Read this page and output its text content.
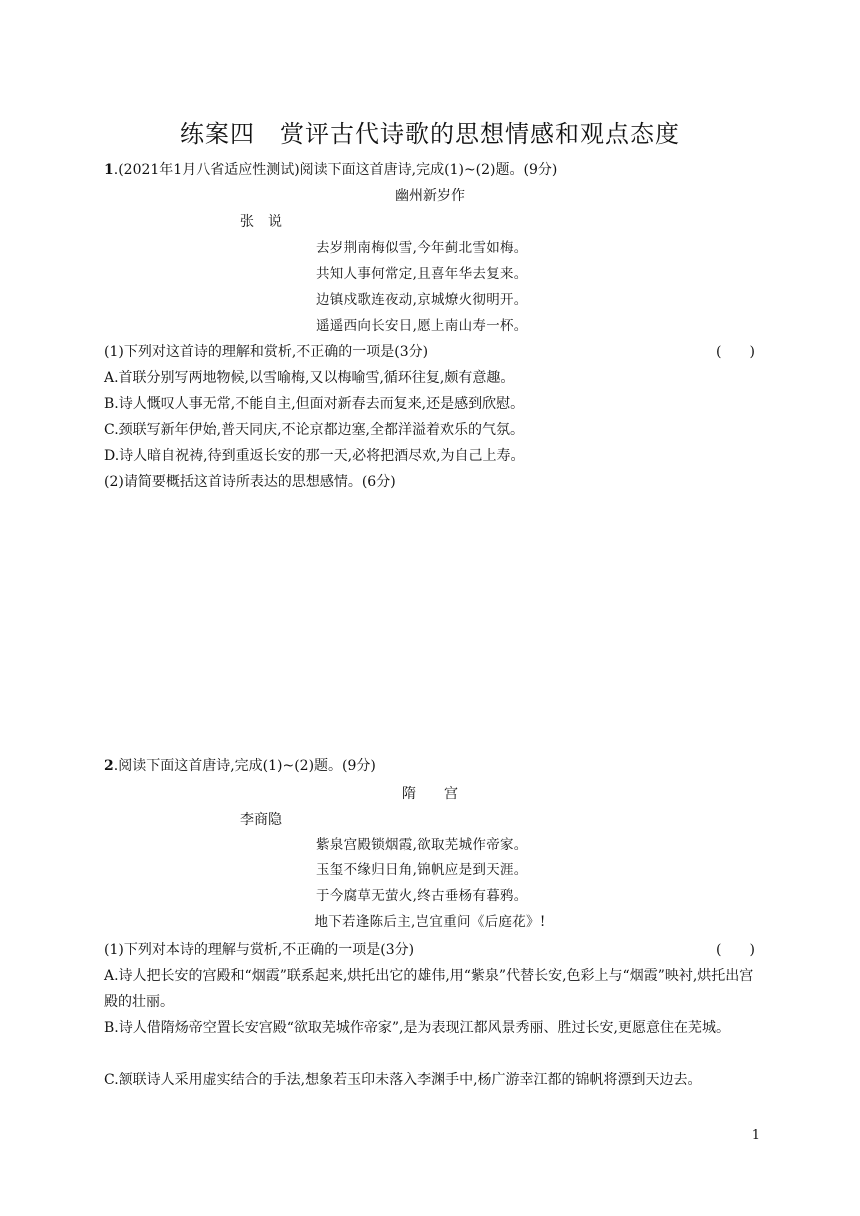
练案四　赏评古代诗歌的思想情感和观点态度
1.(2021年1月八省适应性测试)阅读下面这首唐诗,完成(1)~(2)题。(9分)
幽州新岁作
张　说
去岁荆南梅似雪,今年蓟北雪如梅。
共知人事何常定,且喜年华去复来。
边镇戍歌连夜动,京城燎火彻明开。
遥遥西向长安日,愿上南山寿一杯。
(1)下列对这首诗的理解和赏析,不正确的一项是(3分)	(　　)
A.首联分别写两地物候,以雪喻梅,又以梅喻雪,循环往复,颇有意趣。
B.诗人慨叹人事无常,不能自主,但面对新春去而复来,还是感到欣慰。
C.颈联写新年伊始,普天同庆,不论京都边塞,全都洋溢着欢乐的气氛。
D.诗人暗自祝祷,待到重返长安的那一天,必将把酒尽欢,为自己上寿。
(2)请简要概括这首诗所表达的思想感情。(6分)
2.阅读下面这首唐诗,完成(1)~(2)题。(9分)
隋　　宫
李商隐
紫泉宫殿锁烟霞,欲取芜城作帝家。
玉玺不缘归日角,锦帆应是到天涯。
于今腐草无萤火,终古垂杨有暮鸦。
地下若逢陈后主,岂宜重问《后庭花》!
(1)下列对本诗的理解与赏析,不正确的一项是(3分)	(　　)
A.诗人把长安的宫殿和“烟霞”联系起来,烘托出它的雄伟,用“紫泉”代替长安,色彩上与“烟霞”映衬,烘托出宫殿的壮丽。
B.诗人借隋炀帝空置长安宫殿“欲取芜城作帝家”,是为表现江都风景秀丽、胜过长安,更愿意住在芜城。
C.颔联诗人采用虚实结合的手法,想象若玉印未落入李渊手中,杨广游幸江都的锦帆将漂到天边去。
1
